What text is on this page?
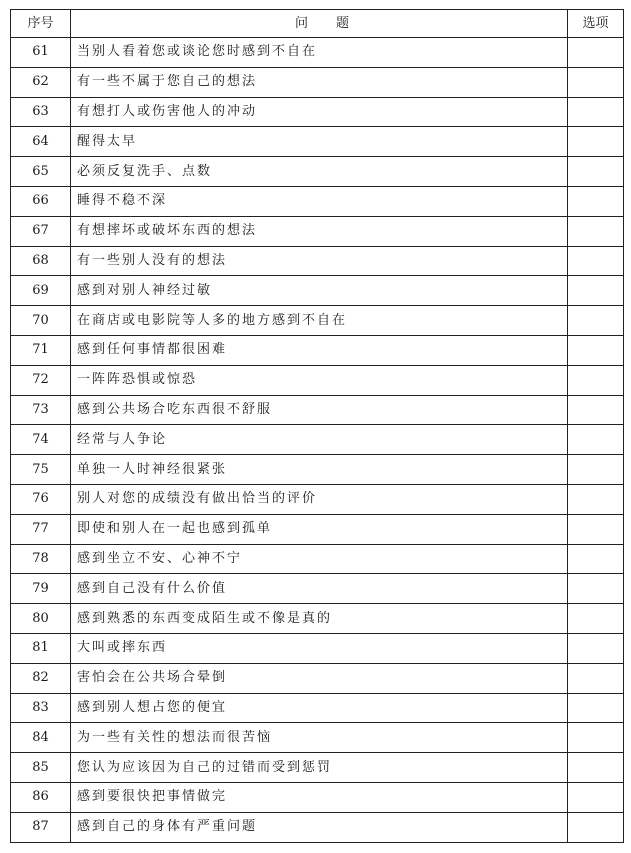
序号	问 题	选项
61	当别人看着您或谈论您时感到不自在	
62	有一些不属于您自己的想法	
63	有想打人或伤害他人的冲动	
64	醒得太早	
65	必须反复洗手、点数	
66	睡得不稳不深	
67	有想摔坏或破坏东西的想法	
68	有一些别人没有的想法	
69	感到对别人神经过敏	
70	在商店或电影院等人多的地方感到不自在	
71	感到任何事情都很困难	
72	一阵阵恐惧或惊恐	
73	感到公共场合吃东西很不舒服	
74	经常与人争论	
75	单独一人时神经很紧张	
76	别人对您的成绩没有做出恰当的评价	
77	即使和别人在一起也感到孤单	
78	感到坐立不安、心神不宁	
79	感到自己没有什么价值	
80	感到熟悉的东西变成陌生或不像是真的	
81	大叫或摔东西	
82	害怕会在公共场合晕倒	
83	感到别人想占您的便宜	
84	为一些有关性的想法而很苦恼	
85	您认为应该因为自己的过错而受到惩罚	
86	感到要很快把事情做完	
87	感到自己的身体有严重问题	
